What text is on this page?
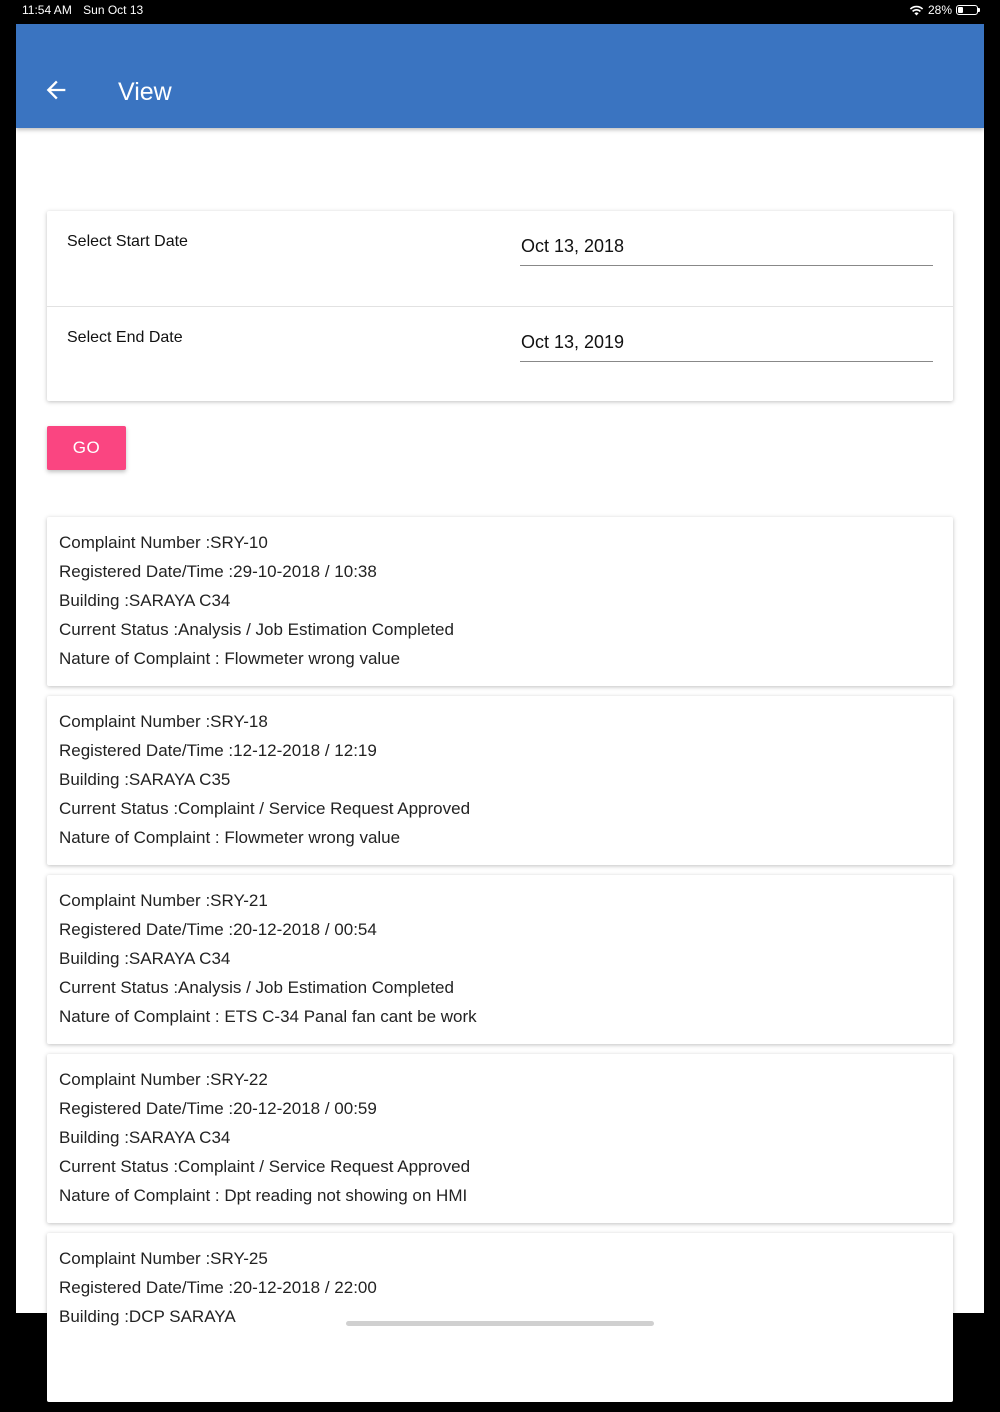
11:54 AM Sun Oct 13	28%
View
Select Start Date	Oct 13, 2018
Select End Date	Oct 13, 2019
GO
Complaint Number :SRY-10
Registered Date/Time :29-10-2018 / 10:38
Building :SARAYA C34
Current Status :Analysis / Job Estimation Completed
Nature of Complaint : Flowmeter wrong value
Complaint Number :SRY-18
Registered Date/Time :12-12-2018 / 12:19
Building :SARAYA C35
Current Status :Complaint / Service Request Approved
Nature of Complaint : Flowmeter wrong value
Complaint Number :SRY-21
Registered Date/Time :20-12-2018 / 00:54
Building :SARAYA C34
Current Status :Analysis / Job Estimation Completed
Nature of Complaint : ETS C-34 Panal fan cant be work
Complaint Number :SRY-22
Registered Date/Time :20-12-2018 / 00:59
Building :SARAYA C34
Current Status :Complaint / Service Request Approved
Nature of Complaint : Dpt reading not showing on HMI
Complaint Number :SRY-25
Registered Date/Time :20-12-2018 / 22:00
Building :DCP SARAYA
